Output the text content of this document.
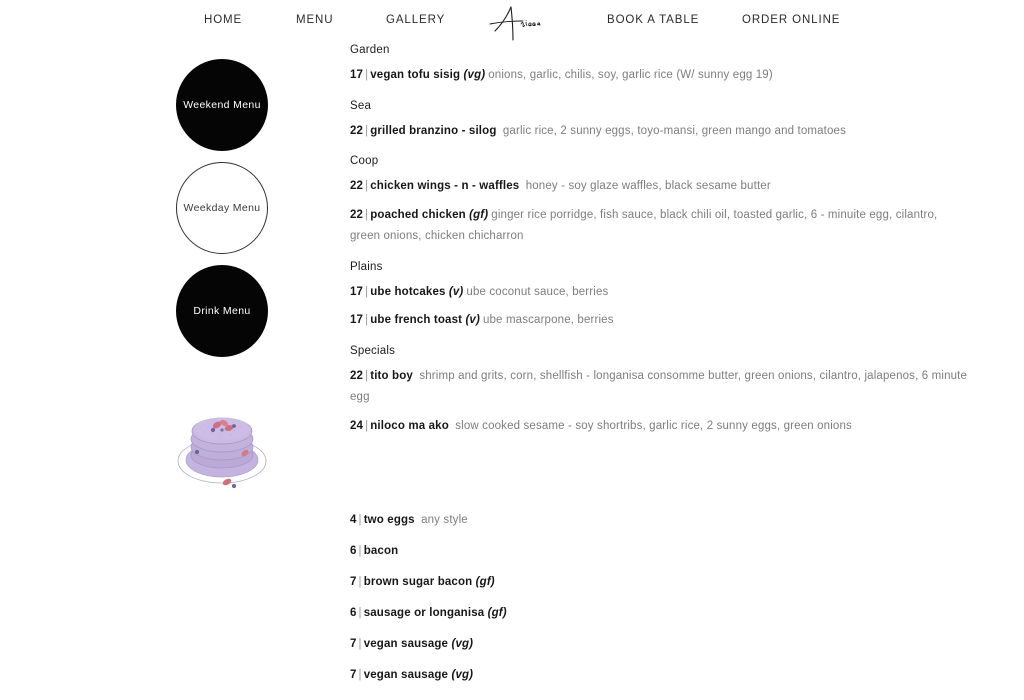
HOME	MENU	GALLERY	BOOK A TABLE	ORDER ONLINE
Weekend Menu
Weekday Menu
Drink Menu
Garden
17 | vegan tofu sisig (vg) onions, garlic, chilis, soy, garlic rice (W/ sunny egg 19)
Sea
22 | grilled branzino - silog garlic rice, 2 sunny eggs, toyo-mansi, green mango and tomatoes
Coop
22 | chicken wings - n - waffles honey - soy glaze waffles, black sesame butter
22 | poached chicken (gf) ginger rice porridge, fish sauce, black chili oil, toasted garlic, 6 - minuite egg, cilantro, green onions, chicken chicharron
Plains
17 | ube hotcakes (v) ube coconut sauce, berries
17 | ube french toast (v) ube mascarpone, berries
Specials
22 | tito boy shrimp and grits, corn, shellfish - longanisa consomme butter, green onions, cilantro, jalapenos, 6 minute egg
24 | niloco ma ako slow cooked sesame - soy shortribs, garlic rice, 2 sunny eggs, green onions
4 | two eggs any style
6 | bacon
7 | brown sugar bacon (gf)
6 | sausage or longanisa (gf)
7 | vegan sausage (vg)
7 | vegan sausage (vg)
